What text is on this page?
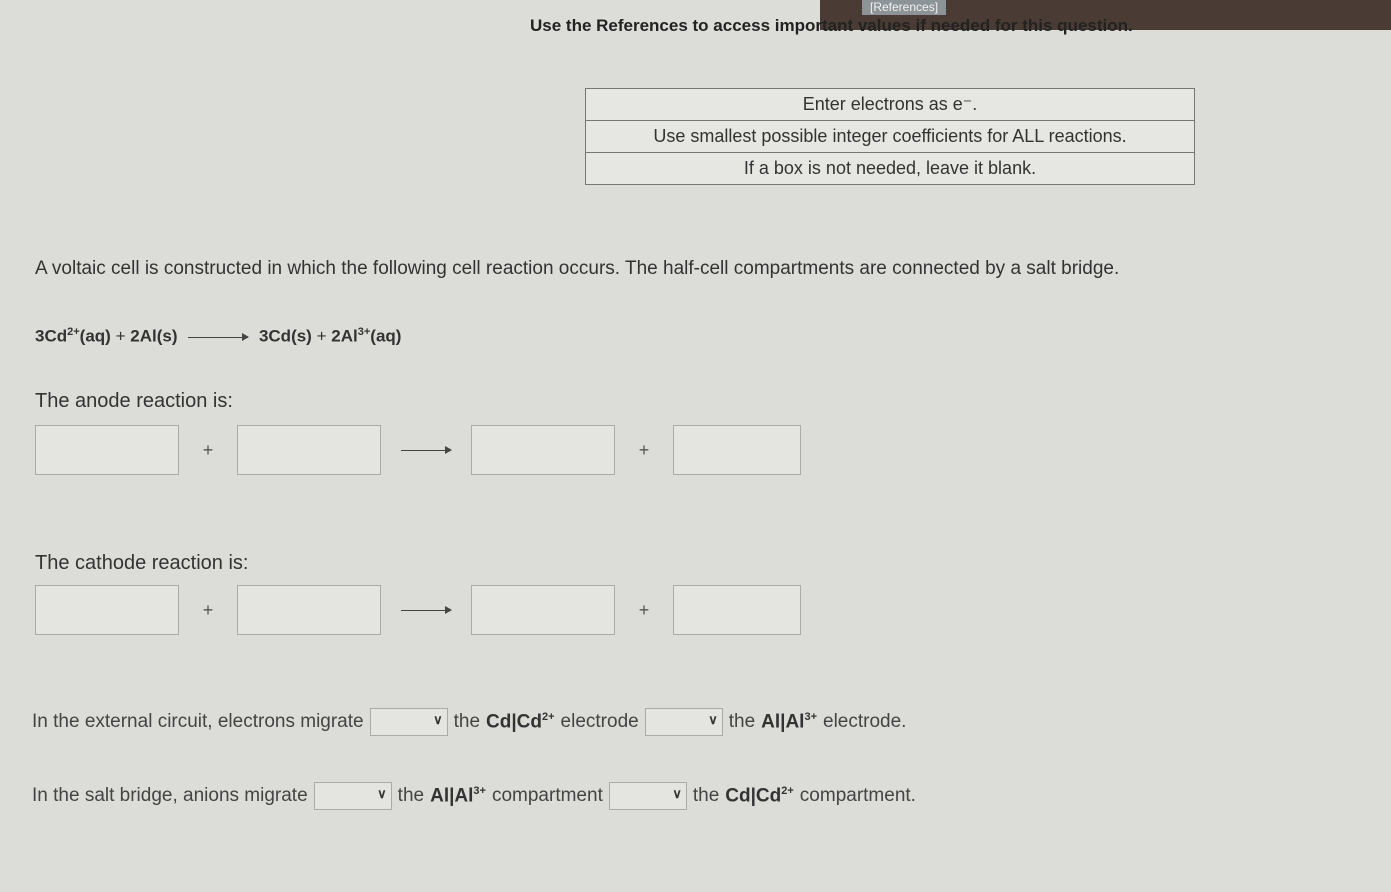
[References]
Use the References to access important values if needed for this question.
Enter electrons as e⁻.
Use smallest possible integer coefficients for ALL reactions.
If a box is not needed, leave it blank.
A voltaic cell is constructed in which the following cell reaction occurs. The half-cell compartments are connected by a salt bridge.
$3Cd^{2+}(aq) + 2Al(s) \to 3Cd(s) + 2Al^{3+}(aq)$
The anode reaction is:
+	+
The cathode reaction is:
+	+
In the external circuit, electrons migrate	∨ the $Cd|Cd^{2+}$ electrode	∨ the $Al|Al^{3+}$ electrode.
In the salt bridge, anions migrate	∨ the $Al|Al^{3+}$ compartment	∨ the $Cd|Cd^{2+}$ compartment.
